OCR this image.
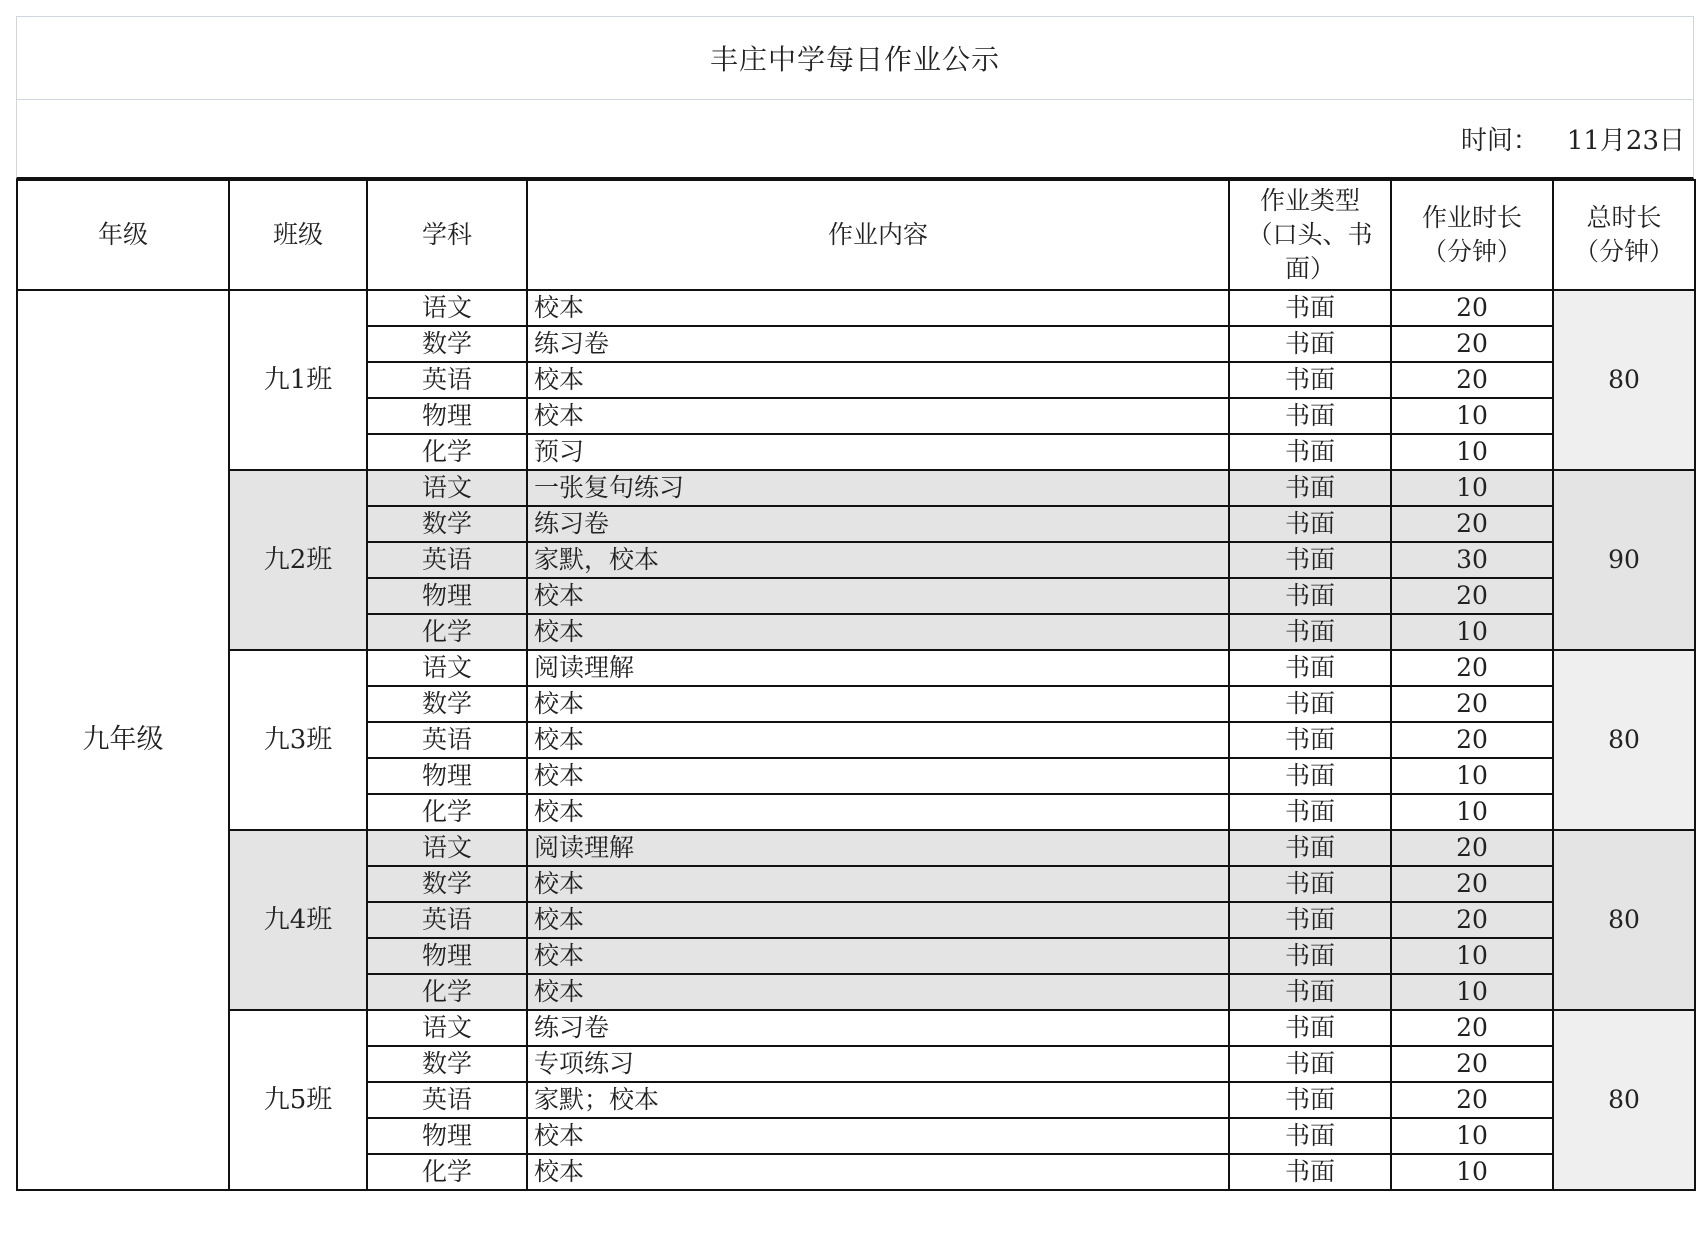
丰庄中学每日作业公示
时间： 11月23日
年级	班级	学科	作业内容	作业类型
（口头、书
面）	作业时长
（分钟）	总时长
（分钟）

九年级	九1班	语文	校本	书面	20	80
		数学	练习卷	书面	20	
		英语	校本	书面	20	
		物理	校本	书面	10	
		化学	预习	书面	10	
	九2班	语文	一张复句练习	书面	10	90
		数学	练习卷	书面	20	
		英语	家默，校本	书面	30	
		物理	校本	书面	20	
		化学	校本	书面	10	
	九3班	语文	阅读理解	书面	20	80
		数学	校本	书面	20	
		英语	校本	书面	20	
		物理	校本	书面	10	
		化学	校本	书面	10	
	九4班	语文	阅读理解	书面	20	80
		数学	校本	书面	20	
		英语	校本	书面	20	
		物理	校本	书面	10	
		化学	校本	书面	10	
	九5班	语文	练习卷	书面	20	80
		数学	专项练习	书面	20	
		英语	家默；校本	书面	20	
		物理	校本	书面	10	
		化学	校本	书面	10	
